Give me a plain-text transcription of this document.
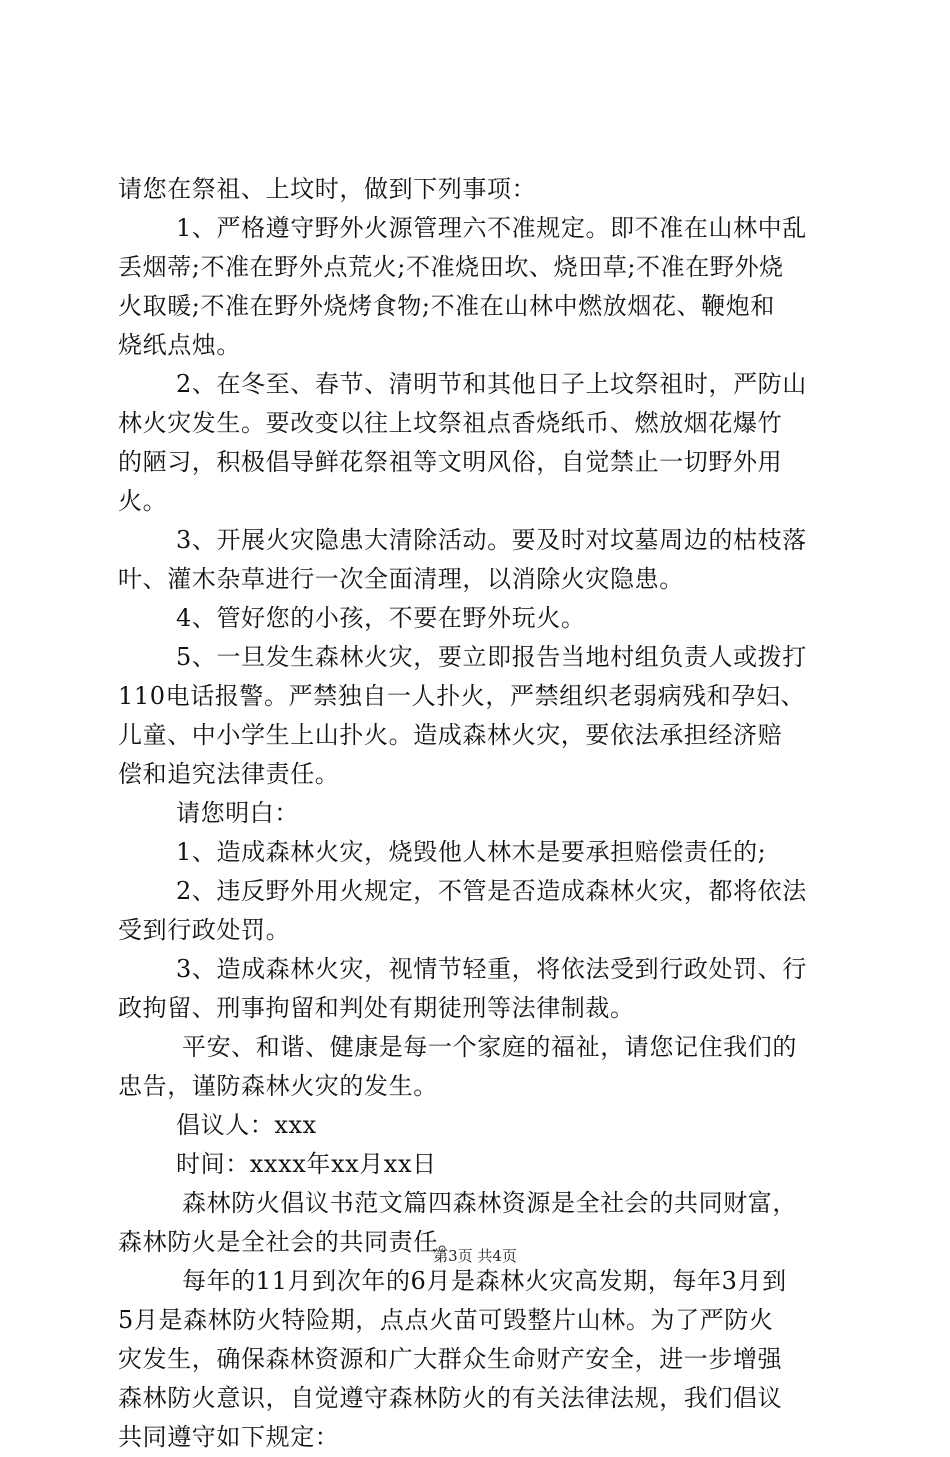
请您在祭祖、上坟时，做到下列事项：
1、严格遵守野外火源管理六不准规定。即不准在山林中乱
丢烟蒂;不准在野外点荒火;不准烧田坎、烧田草;不准在野外烧
火取暖;不准在野外烧烤食物;不准在山林中燃放烟花、鞭炮和
烧纸点烛。
2、在冬至、春节、清明节和其他日子上坟祭祖时，严防山
林火灾发生。要改变以往上坟祭祖点香烧纸币、燃放烟花爆竹
的陋习，积极倡导鲜花祭祖等文明风俗，自觉禁止一切野外用
火。
3、开展火灾隐患大清除活动。要及时对坟墓周边的枯枝落
叶、灌木杂草进行一次全面清理，以消除火灾隐患。
4、管好您的小孩，不要在野外玩火。
5、一旦发生森林火灾，要立即报告当地村组负责人或拨打
110电话报警。严禁独自一人扑火，严禁组织老弱病残和孕妇、
儿童、中小学生上山扑火。造成森林火灾，要依法承担经济赔
偿和追究法律责任。
请您明白：
1、造成森林火灾，烧毁他人林木是要承担赔偿责任的;
2、违反野外用火规定，不管是否造成森林火灾，都将依法
受到行政处罚。
3、造成森林火灾，视情节轻重，将依法受到行政处罚、行
政拘留、刑事拘留和判处有期徒刑等法律制裁。
平安、和谐、健康是每一个家庭的福祉，请您记住我们的
忠告，谨防森林火灾的发生。
倡议人：xxx
时间：xxxx年xx月xx日
森林防火倡议书范文篇四森林资源是全社会的共同财富，
森林防火是全社会的共同责任。
每年的11月到次年的6月是森林火灾高发期，每年3月到
5月是森林防火特险期，点点火苗可毁整片山林。为了严防火
灾发生，确保森林资源和广大群众生命财产安全，进一步增强
森林防火意识，自觉遵守森林防火的有关法律法规，我们倡议
共同遵守如下规定：
第3页 共4页
